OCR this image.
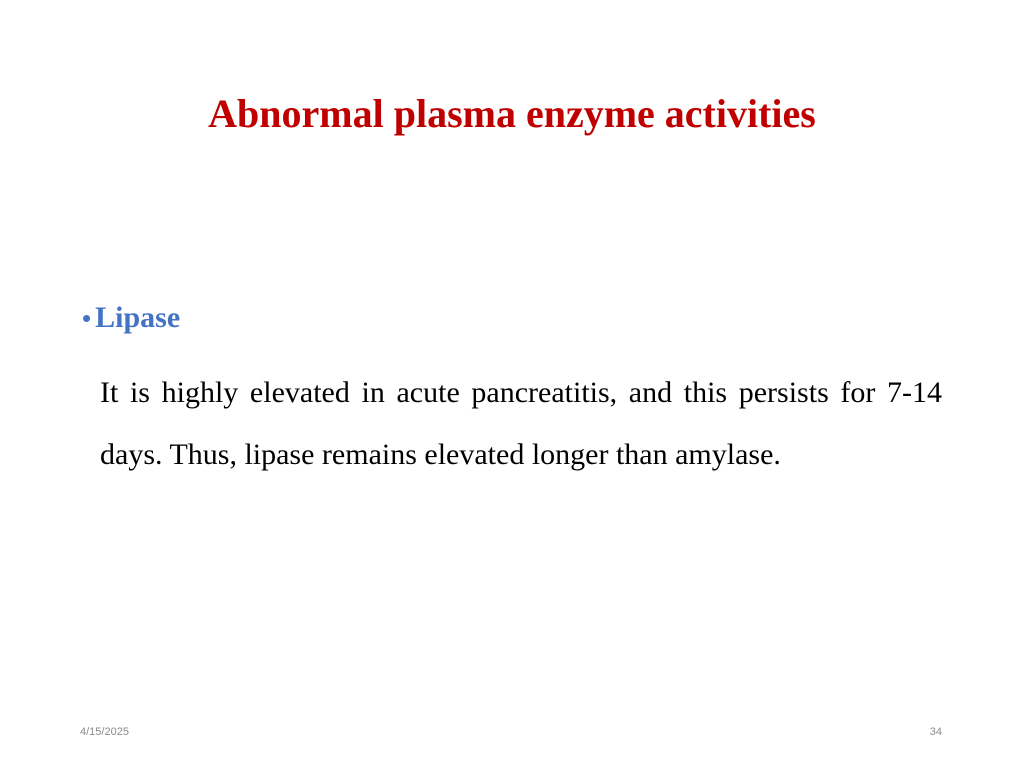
Abnormal plasma enzyme activities
• Lipase
It is highly elevated in acute pancreatitis, and this persists for 7-14 days. Thus, lipase remains elevated longer than amylase.
4/15/2025	34
